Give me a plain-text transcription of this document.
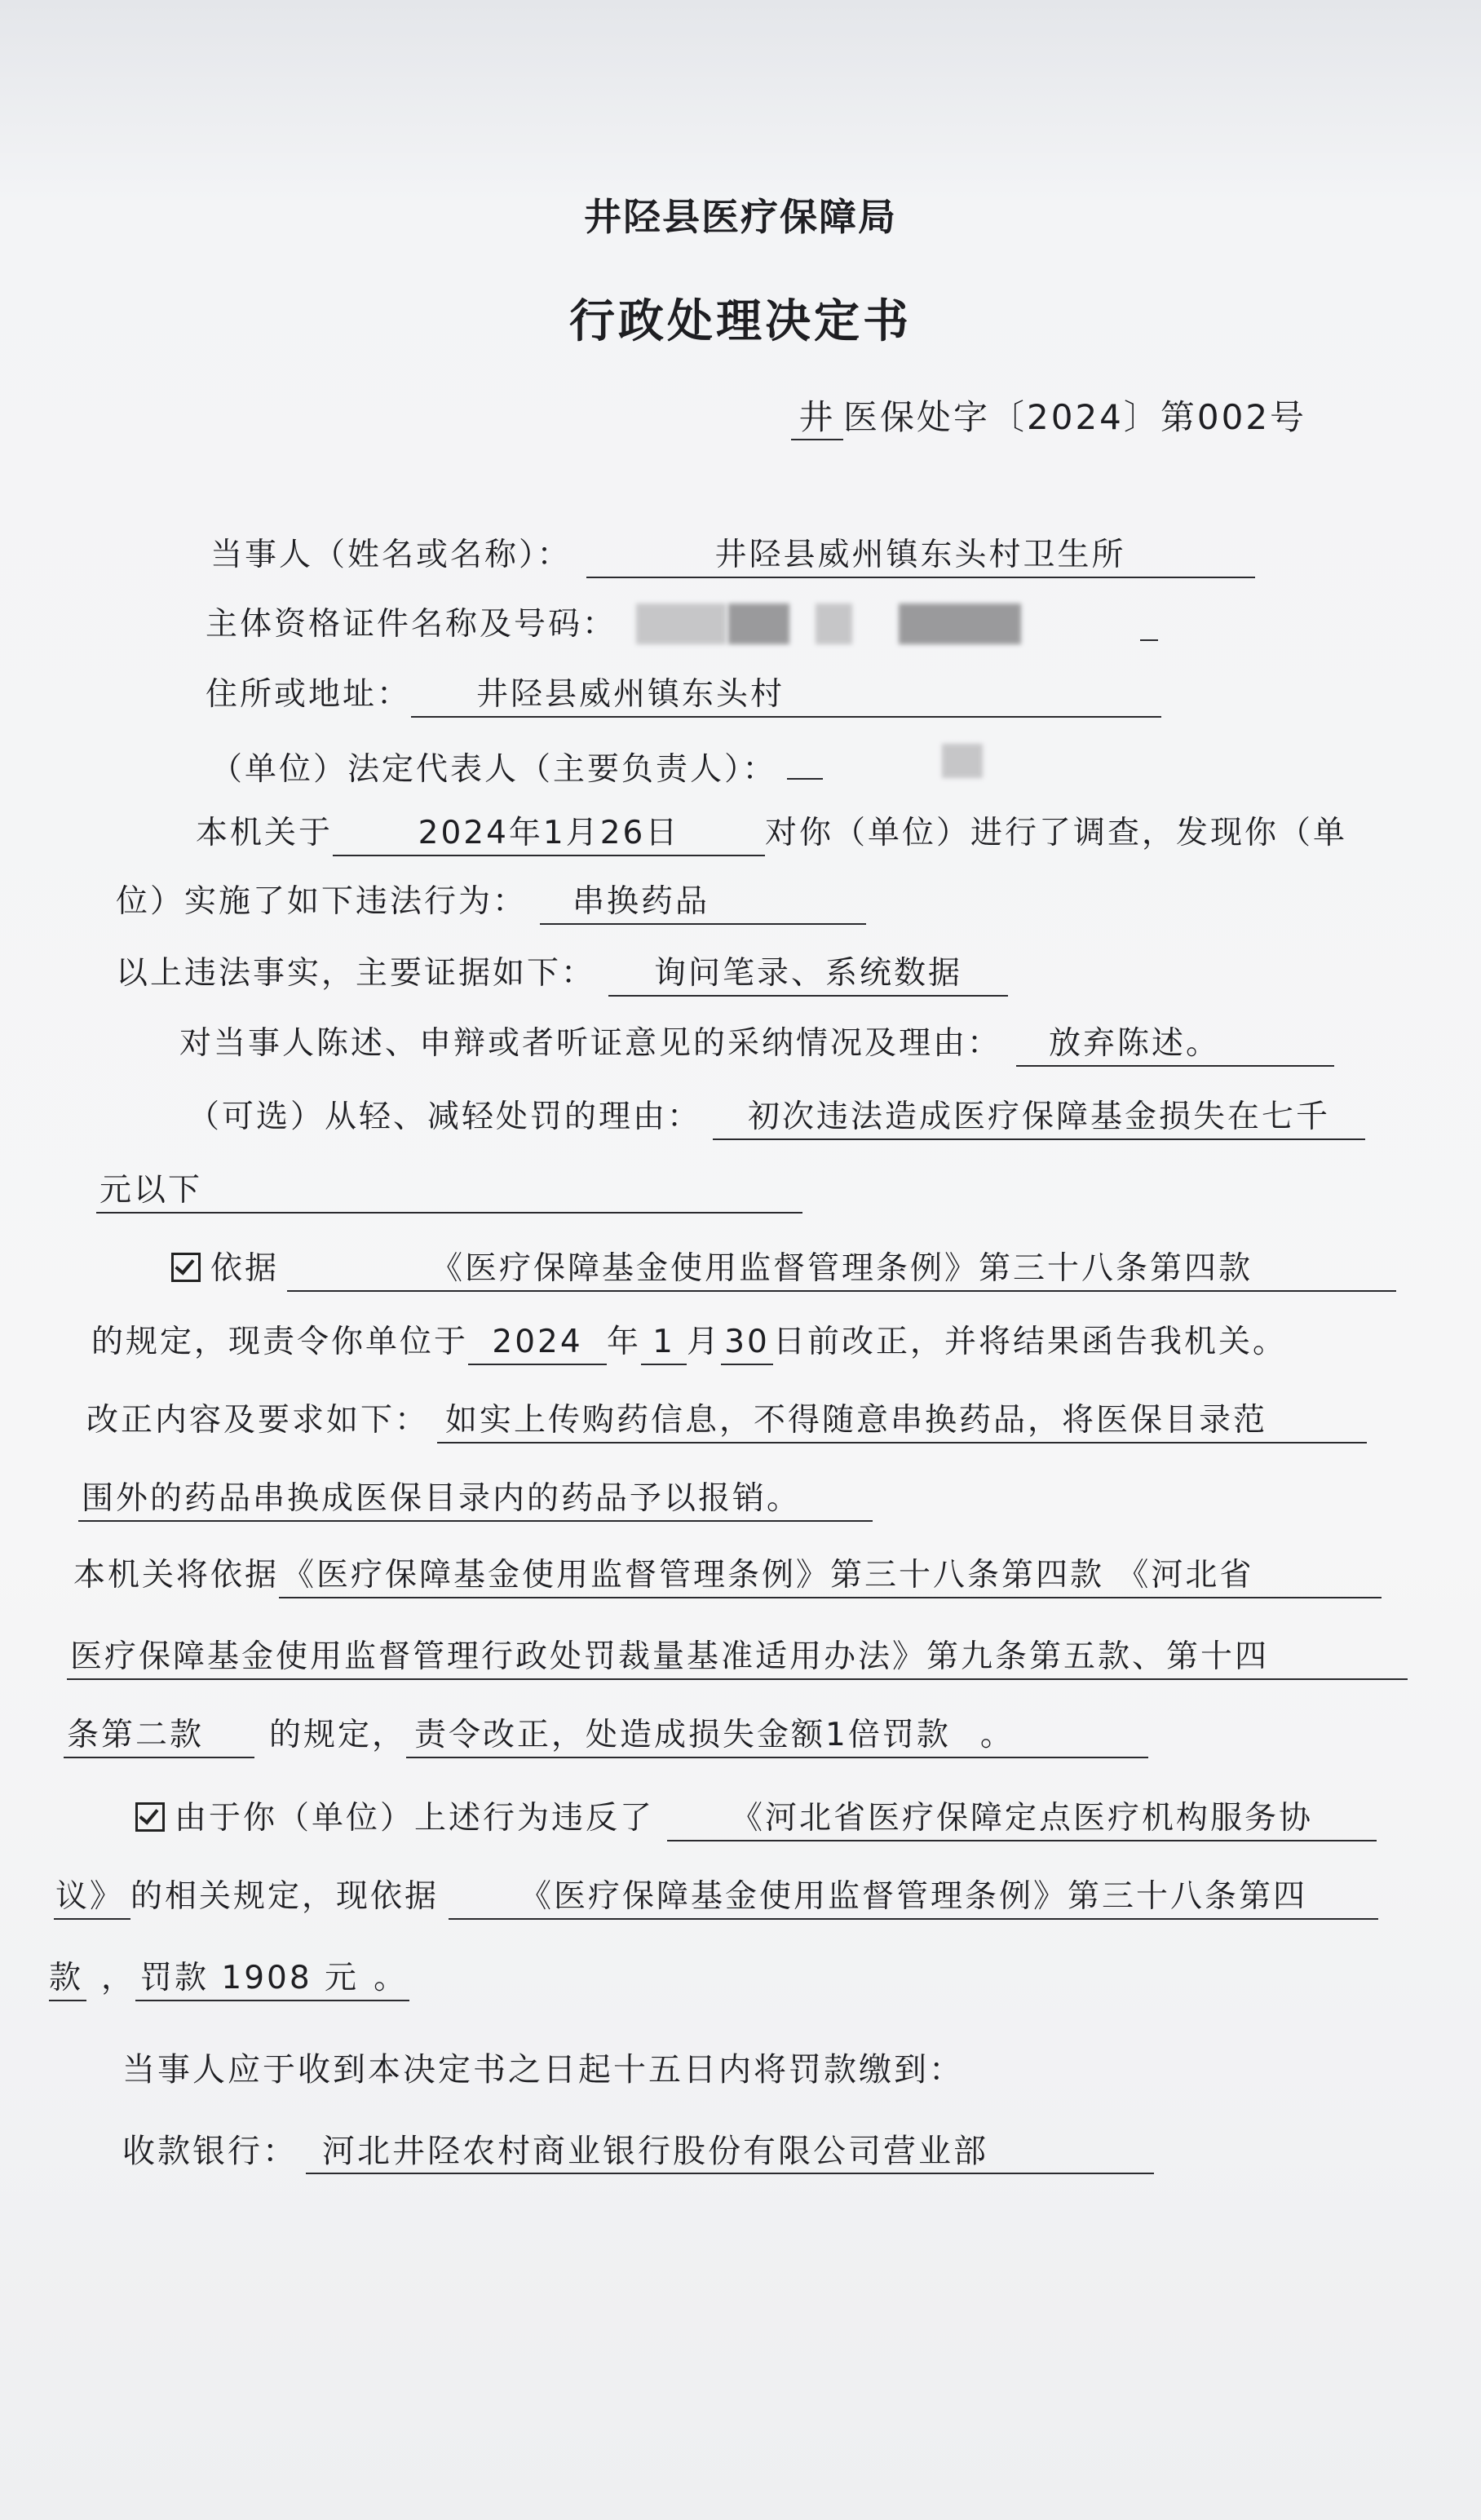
井陉县医疗保障局
行政处理决定书
井 医保处字〔2024〕第002号
当事人（姓名或名称）：	井陉县威州镇东头村卫生所
主体资格证件名称及号码：
住所或地址： 井陉县威州镇东头村
（单位）法定代表人（主要负责人）：
本机关于	2024年1月26日	对你（单位）进行了调查，发现你（单
位）实施了如下违法行为： 串换药品
以上违法事实，主要证据如下： 询问笔录、系统数据
对当事人陈述、申辩或者听证意见的采纳情况及理由： 放弃陈述。
（可选）从轻、减轻处罚的理由： 初次违法造成医疗保障基金损失在七千
元以下
依据	《医疗保障基金使用监督管理条例》第三十八条第四款
的规定，现责令你单位于 2024 年 1 月 30 日前改正，并将结果函告我机关。
改正内容及要求如下： 如实上传购药信息，不得随意串换药品，将医保目录范
围外的药品串换成医保目录内的药品予以报销。
本机关将依据 《医疗保障基金使用监督管理条例》第三十八条第四款 《河北省
医疗保障基金使用监督管理行政处罚裁量基准适用办法》第九条第五款、第十四
条第二款 的规定， 责令改正，处造成损失金额1倍罚款 。
由于你（单位）上述行为违反了 《河北省医疗保障定点医疗机构服务协
议》 的相关规定，现依据	《医疗保障基金使用监督管理条例》第三十八条第四
款 ， 罚款 1908 元 。
当事人应于收到本决定书之日起十五日内将罚款缴到：
收款银行： 河北井陉农村商业银行股份有限公司营业部
